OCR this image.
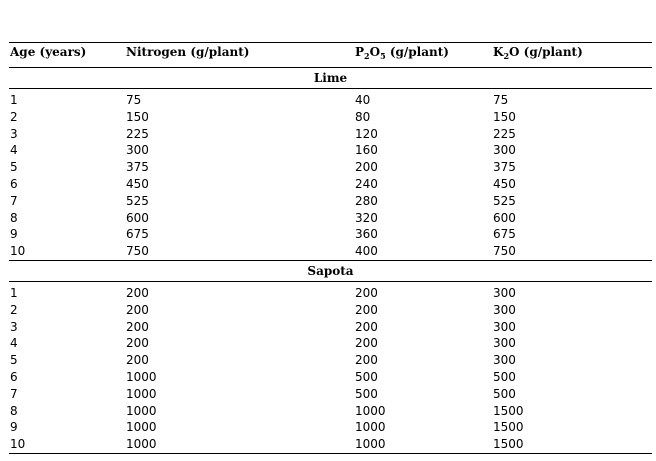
Age (years)	Nitrogen (g/plant)	$P_2O_5$ (g/plant)	$K_2O$ (g/plant)
Lime
1	75	40	75
2	150	80	150
3	225	120	225
4	300	160	300
5	375	200	375
6	450	240	450
7	525	280	525
8	600	320	600
9	675	360	675
10	750	400	750
Sapota
1	200	200	300
2	200	200	300
3	200	200	300
4	200	200	300
5	200	200	300
6	1000	500	500
7	1000	500	500
8	1000	1000	1500
9	1000	1000	1500
10	1000	1000	1500
